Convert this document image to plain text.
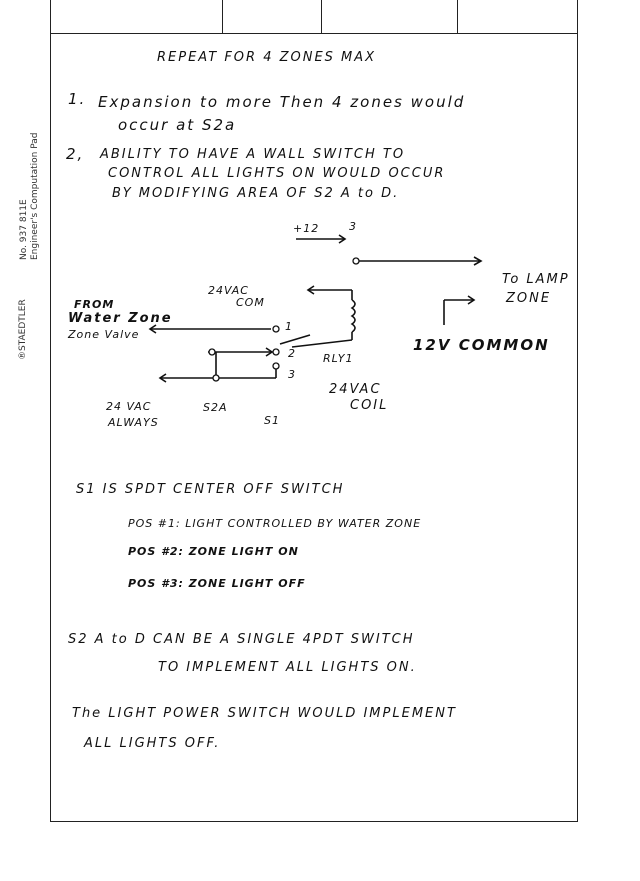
®STAEDTLER
No. 937 811E Engineer's Computation Pad
REPEAT FOR 4 ZONES MAX
1. Expansion to more Then 4 zones would
occur at S2a
2, ABILITY TO HAVE A WALL SWITCH TO
CONTROL ALL LIGHTS ON WOULD OCCUR
BY MODIFYING AREA OF S2 A to D.
+12	3
To LAMP
ZONE
24VAC
COM
FROM
Water Zone
Zone Valve
1
2
3
12V COMMON
RLY1
24VAC
COIL
24 VAC
ALWAYS
S2A
S1
S1 IS SPDT CENTER OFF SWITCH
POS #1: LIGHT CONTROLLED BY WATER ZONE
POS #2: ZONE LIGHT ON
POS #3: ZONE LIGHT OFF
S2 A to D CAN BE A SINGLE 4PDT SWITCH
TO IMPLEMENT ALL LIGHTS ON.
The LIGHT POWER SWITCH WOULD IMPLEMENT
ALL LIGHTS OFF.
